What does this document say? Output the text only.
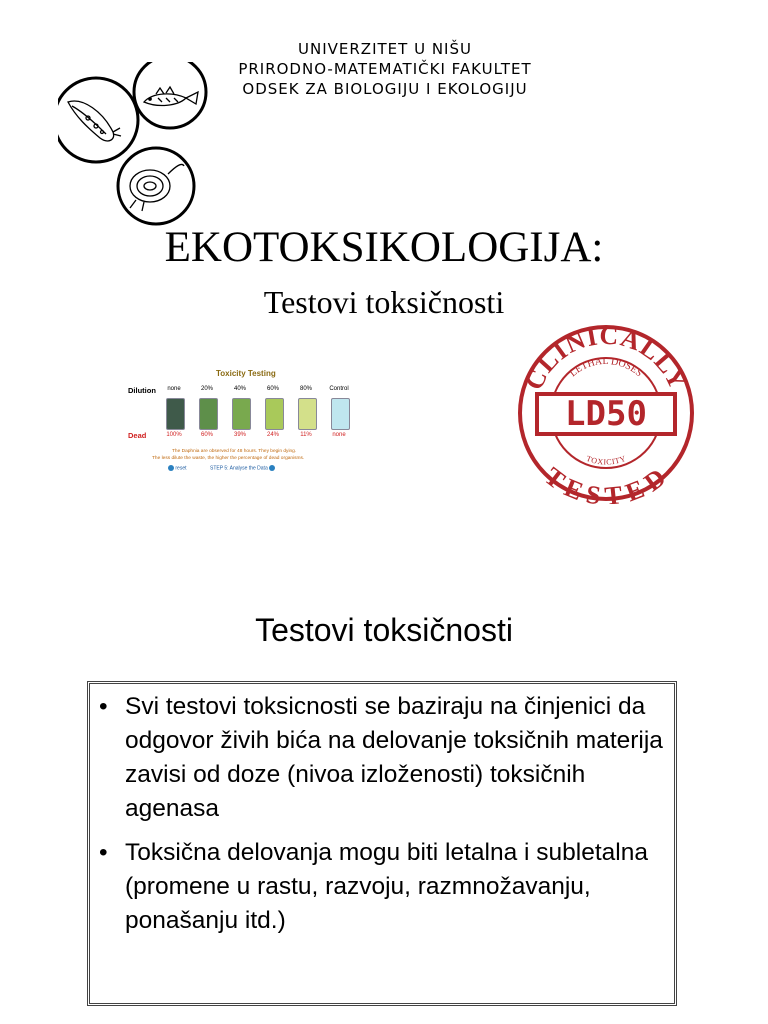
UNIVERZITET U NIŠU
PRIRODNO-MATEMATIČKI FAKULTET
ODSEK ZA BIOLOGIJU I EKOLOGIJU
EKOTOKSIKOLOGIJA:
Testovi toksičnosti
Toxicity Testing
Dilution
Dead
none
100%
20%
60%
40%
39%
60%
24%
80%
11%
Control
none
The Daphnia are observed for 48 hours. They begin dying.
The less dilute the waste, the higher the percentage of dead organisms.
reset	STEP 5: Analyse the Data
CLINICALLY
LETHAL DOSES
TESTED
TOXICITY
LD50
Testovi toksičnosti
• Svi testovi toksicnosti se baziraju na činjenici da odgovor živih bića na delovanje toksičnih materija zavisi od doze (nivoa izloženosti) toksičnih agenasa
• Toksična delovanja mogu biti letalna i subletalna (promene u rastu, razvoju, razmnožavanju, ponašanju itd.)
